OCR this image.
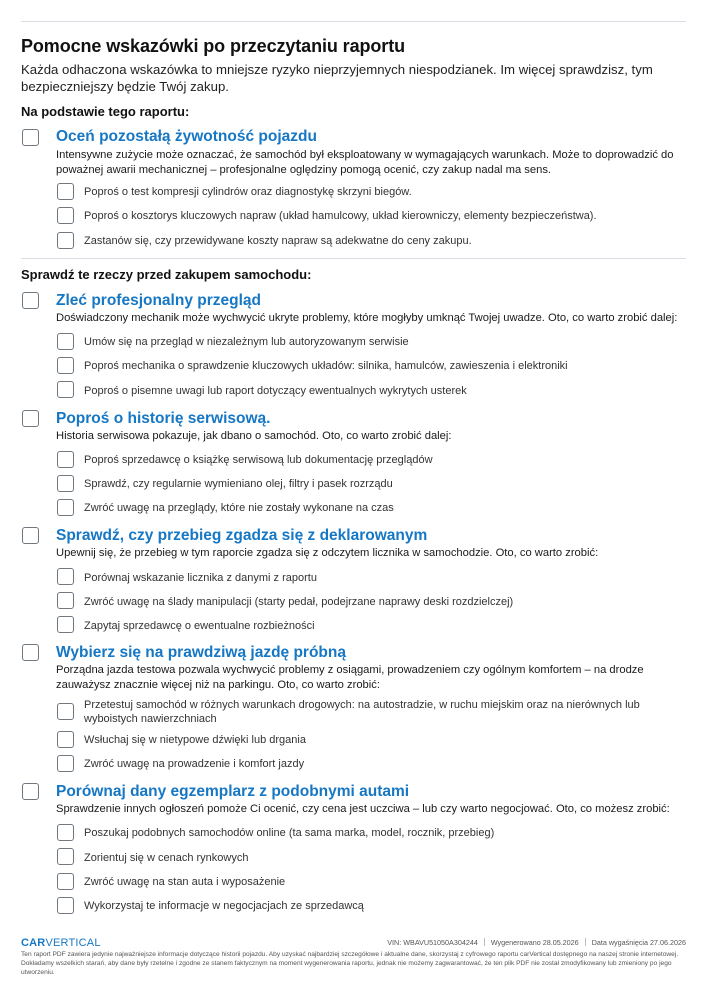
Pomocne wskazówki po przeczytaniu raportu
Każda odhaczona wskazówka to mniejsze ryzyko nieprzyjemnych niespodzianek. Im więcej sprawdzisz, tym bezpieczniejszy będzie Twój zakup.
Na podstawie tego raportu:
Oceń pozostałą żywotność pojazdu
Intensywne zużycie może oznaczać, że samochód był eksploatowany w wymagających warunkach. Może to doprowadzić do poważnej awarii mechanicznej – profesjonalne oględziny pomogą ocenić, czy zakup nadal ma sens.
Poproś o test kompresji cylindrów oraz diagnostykę skrzyni biegów.
Poproś o kosztorys kluczowych napraw (układ hamulcowy, układ kierowniczy, elementy bezpieczeństwa).
Zastanów się, czy przewidywane koszty napraw są adekwatne do ceny zakupu.
Sprawdź te rzeczy przed zakupem samochodu:
Zleć profesjonalny przegląd
Doświadczony mechanik może wychwycić ukryte problemy, które mogłyby umknąć Twojej uwadze. Oto, co warto zrobić dalej:
Umów się na przegląd w niezależnym lub autoryzowanym serwisie
Poproś mechanika o sprawdzenie kluczowych układów: silnika, hamulców, zawieszenia i elektroniki
Poproś o pisemne uwagi lub raport dotyczący ewentualnych wykrytych usterek
Poproś o historię serwisową.
Historia serwisowa pokazuje, jak dbano o samochód. Oto, co warto zrobić dalej:
Poproś sprzedawcę o książkę serwisową lub dokumentację przeglądów
Sprawdź, czy regularnie wymieniano olej, filtry i pasek rozrządu
Zwróć uwagę na przeglądy, które nie zostały wykonane na czas
Sprawdź, czy przebieg zgadza się z deklarowanym
Upewnij się, że przebieg w tym raporcie zgadza się z odczytem licznika w samochodzie. Oto, co warto zrobić:
Porównaj wskazanie licznika z danymi z raportu
Zwróć uwagę na ślady manipulacji (starty pedał, podejrzane naprawy deski rozdzielczej)
Zapytaj sprzedawcę o ewentualne rozbieżności
Wybierz się na prawdziwą jazdę próbną
Porządna jazda testowa pozwala wychwycić problemy z osiągami, prowadzeniem czy ogólnym komfortem – na drodze zauważysz znacznie więcej niż na parkingu. Oto, co warto zrobić:
Przetestuj samochód w różnych warunkach drogowych: na autostradzie, w ruchu miejskim oraz na nierównych lub wyboistych nawierzchniach
Wsłuchaj się w nietypowe dźwięki lub drgania
Zwróć uwagę na prowadzenie i komfort jazdy
Porównaj dany egzemplarz z podobnymi autami
Sprawdzenie innych ogłoszeń pomoże Ci ocenić, czy cena jest uczciwa – lub czy warto negocjować. Oto, co możesz zrobić:
Poszukaj podobnych samochodów online (ta sama marka, model, rocznik, przebieg)
Zorientuj się w cenach rynkowych
Zwróć uwagę na stan auta i wyposażenie
Wykorzystaj te informacje w negocjacjach ze sprzedawcą
CARVERTICAL	VIN: WBAVU51050A304244 Wygenerowano 28.05.2026 Data wygaśnięcia 27.06.2026
Ten raport PDF zawiera jedynie najważniejsze informacje dotyczące historii pojazdu. Aby uzyskać najbardziej szczegółowe i aktualne dane, skorzystaj z cyfrowego raportu carVertical dostępnego na naszej stronie internetowej. Dokładamy wszelkich starań, aby dane były rzetelne i zgodne ze stanem faktycznym na moment wygenerowania raportu, jednak nie możemy zagwarantować, że ten plik PDF nie został zmodyfikowany lub zmieniony po jego utworzeniu.
